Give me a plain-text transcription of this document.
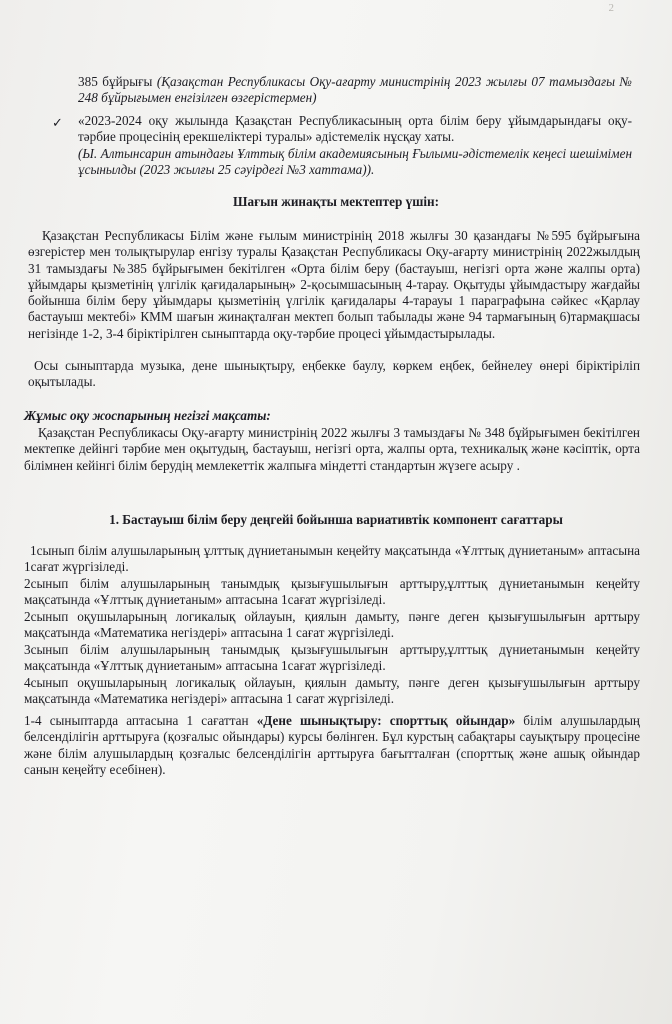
2
385 бұйрығы (Қазақстан Республикасы Оқу-ағарту министрінің 2023 жылғы 07 тамыздағы № 248 бұйрығымен енгізілген өзгерістермен)
✓ «2023-2024 оқу жылында Қазақстан Республикасының орта білім беру ұйымдарындағы оқу-тәрбие процесінің ерекшеліктері туралы» әдістемелік нұсқау хаты.
(Ы. Алтынсарин атындағы Ұлттық білім академиясының Ғылыми-әдістемелік кеңесі шешімімен ұсынылды (2023 жылғы 25 сәуірдегі №3 хаттама)).
Шағын жинақты мектептер үшін:
Қазақстан Республикасы Білім және ғылым министрінің 2018 жылғы 30 қазандағы №595 бұйрығына өзгерістер мен толықтырулар енгізу туралы Қазақстан Республикасы Оқу-ағарту министрінің 2022жылдың 31 тамыздағы №385 бұйрығымен бекітілген «Орта білім беру (бастауыш, негізгі орта және жалпы орта) ұйымдары қызметінің үлгілік қағидаларының» 2-қосымшасының 4-тарау. Оқытуды ұйымдастыру жағдайы бойынша білім беру ұйымдары қызметінің үлгілік қағидалары 4-тарауы 1 параграфына сәйкес «Қарлау бастауыш мектебі» КММ шағын жинақталған мектеп болып табылады және 94 тармағының 6)тармақшасы негізінде 1-2, 3-4 біріктірілген сыныптарда оқу-тәрбие процесі ұйымдастырылады.
Осы сыныптарда музыка, дене шынықтыру, еңбекке баулу, көркем еңбек, бейнелеу өнері біріктіріліп оқытылады.
Жұмыс оқу жоспарының негізгі мақсаты:
Қазақстан Республикасы Оқу-ағарту министрінің 2022 жылғы 3 тамыздағы № 348 бұйрығымен бекітілген мектепке дейінгі тәрбие мен оқытудың, бастауыш, негізгі орта, жалпы орта, техникалық және кәсіптік, орта білімнен кейінгі білім берудің мемлекеттік жалпыға міндетті стандартын жүзеге асыру .
1. Бастауыш білім беру деңгейі бойынша вариативтік компонент сағаттары
1сынып білім алушыларының ұлттық дүниетанымын кеңейту мақсатында «Ұлттық дүниетаным» аптасына 1сағат жүргізіледі.
2сынып білім алушыларының танымдық қызығушылығын арттыру,ұлттық дүниетанымын кеңейту мақсатында «Ұлттық дүниетаным» аптасына 1сағат жүргізіледі.
2сынып оқушыларының логикалық ойлауын, қиялын дамыту, пәнге деген қызығушылығын арттыру мақсатында «Математика негіздері» аптасына 1 сағат жүргізіледі.
3сынып білім алушыларының танымдық қызығушылығын арттыру,ұлттық дүниетанымын кеңейту мақсатында «Ұлттық дүниетаным» аптасына 1сағат жүргізіледі.
4сынып оқушыларының логикалық ойлауын, қиялын дамыту, пәнге деген қызығушылығын арттыру мақсатында «Математика негіздері» аптасына 1 сағат жүргізіледі.
1-4 сыныптарда аптасына 1 сағаттан «Дене шынықтыру: спорттық ойындар» білім алушылардың белсенділігін арттыруға (қозғалыс ойындары) курсы бөлінген. Бұл курстың сабақтары сауықтыру процесіне және білім алушылардың қозғалыс белсенділігін арттыруға бағытталған (спорттық және ашық ойындар санын кеңейту есебінен).
